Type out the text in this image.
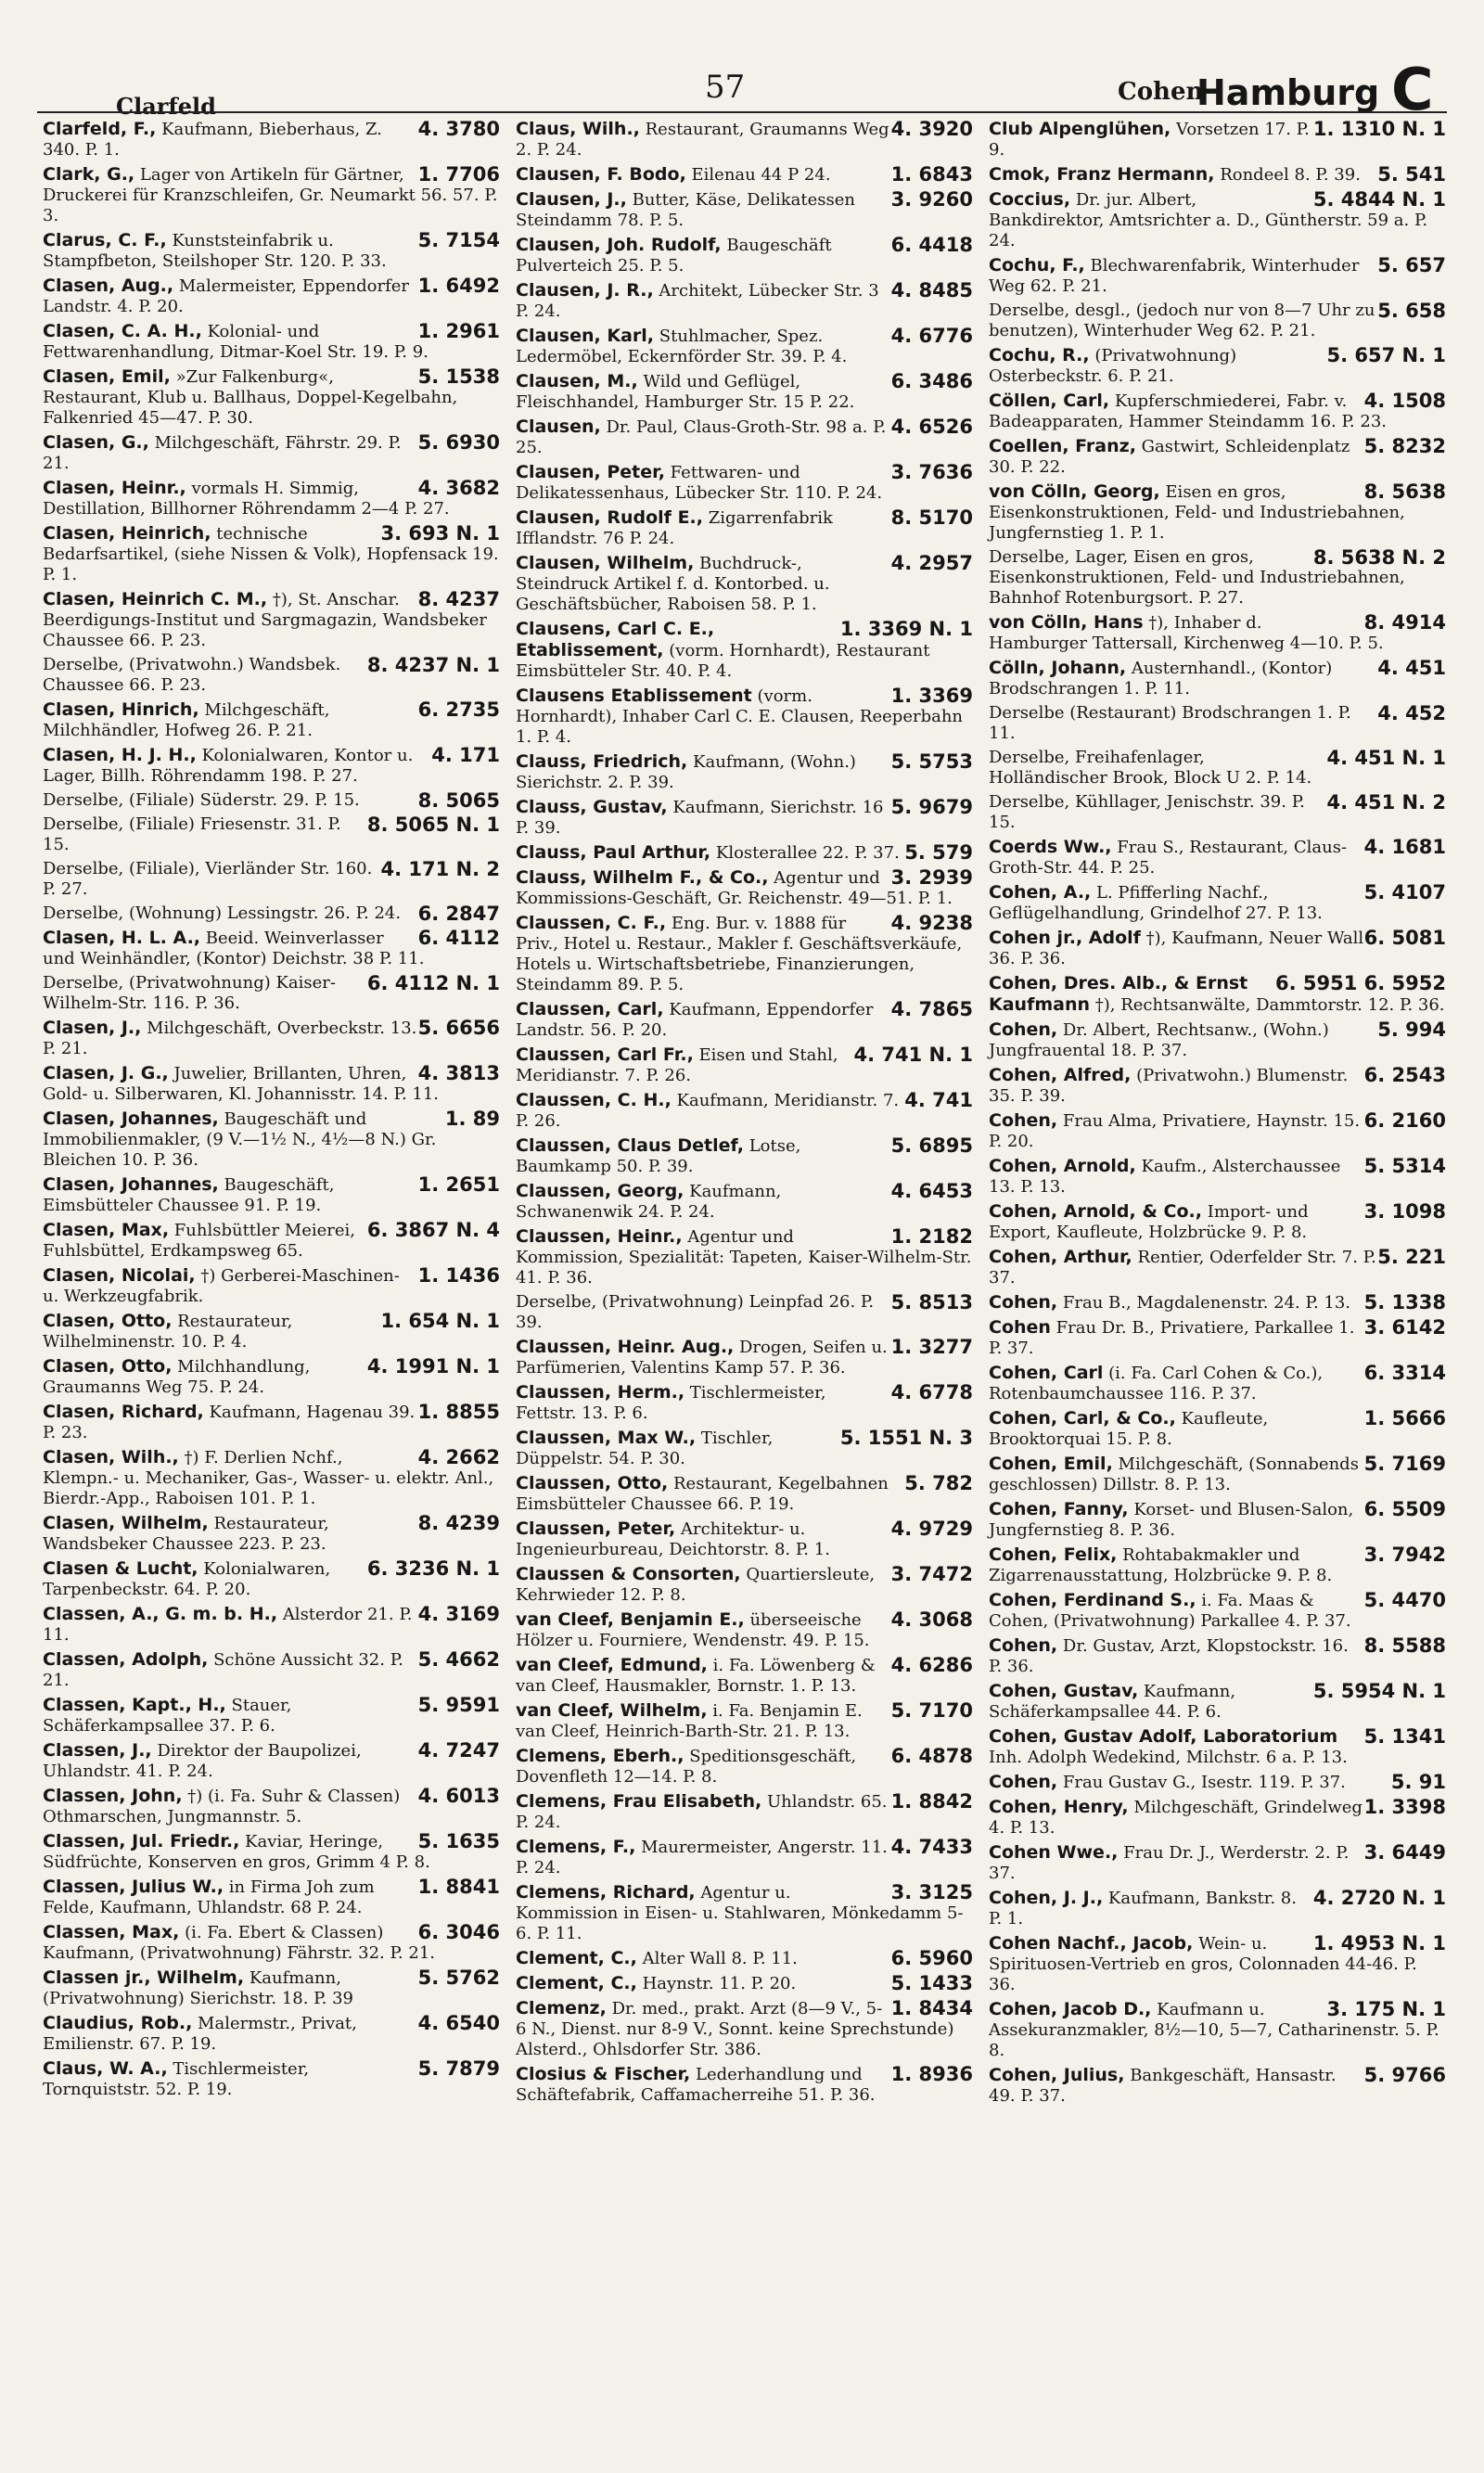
Clarfeld
57	Cohen
Hamburg C
4. 3780
Clarfeld, F., Kaufmann, Bieberhaus, Z. 340. P. 1.
1. 7706
Clark, G., Lager von Artikeln für Gärtner, Druckerei für Kranzschleifen, Gr. Neumarkt 56. 57. P. 3.
5. 7154
Clarus, C. F., Kunststeinfabrik u. Stampfbeton, Steilshoper Str. 120. P. 33.
1. 6492
Clasen, Aug., Malermeister, Eppendorfer Landstr. 4. P. 20.
1. 2961
Clasen, C. A. H., Kolonial- und Fettwarenhandlung, Ditmar-Koel Str. 19. P. 9.
5. 1538
Clasen, Emil, »Zur Falkenburg«, Restaurant, Klub u. Ballhaus, Doppel-Kegelbahn, Falkenried 45—47. P. 30.
5. 6930
Clasen, G., Milchgeschäft, Fährstr. 29. P. 21.
4. 3682
Clasen, Heinr., vormals H. Simmig, Destillation, Billhorner Röhrendamm 2—4 P. 27.
3. 693 N. 1
Clasen, Heinrich, technische Bedarfsartikel, (siehe Nissen & Volk), Hopfensack 19. P. 1.
8. 4237
Clasen, Heinrich C. M., †), St. Anschar. Beerdigungs-Institut und Sargmagazin, Wandsbeker Chaussee 66. P. 23.
8. 4237 N. 1
Derselbe, (Privatwohn.) Wandsbek. Chaussee 66. P. 23.
6. 2735
Clasen, Hinrich, Milchgeschäft, Milchhändler, Hofweg 26. P. 21.
4. 171
Clasen, H. J. H., Kolonialwaren, Kontor u. Lager, Billh. Röhrendamm 198. P. 27.
8. 5065
Derselbe, (Filiale) Süderstr. 29. P. 15.
8. 5065 N. 1
Derselbe, (Filiale) Friesenstr. 31. P. 15.
4. 171 N. 2
Derselbe, (Filiale), Vierländer Str. 160. P. 27.
6. 2847
Derselbe, (Wohnung) Lessingstr. 26. P. 24.
6. 4112
Clasen, H. L. A., Beeid. Weinverlasser und Weinhändler, (Kontor) Deichstr. 38 P. 11.
6. 4112 N. 1
Derselbe, (Privatwohnung) Kaiser-Wilhelm-Str. 116. P. 36.
5. 6656
Clasen, J., Milchgeschäft, Overbeckstr. 13. P. 21.
4. 3813
Clasen, J. G., Juwelier, Brillanten, Uhren, Gold- u. Silberwaren, Kl. Johannisstr. 14. P. 11.
1. 89
Clasen, Johannes, Baugeschäft und Immobilienmakler, (9 V.—1½ N., 4½—8 N.) Gr. Bleichen 10. P. 36.
1. 2651
Clasen, Johannes, Baugeschäft, Eimsbütteler Chaussee 91. P. 19.
6. 3867 N. 4
Clasen, Max, Fuhlsbüttler Meierei, Fuhlsbüttel, Erdkampsweg 65.
1. 1436
Clasen, Nicolai, †) Gerberei-Maschinen- u. Werkzeugfabrik.
1. 654 N. 1
Clasen, Otto, Restaurateur, Wilhelminenstr. 10. P. 4.
4. 1991 N. 1
Clasen, Otto, Milchhandlung, Graumanns Weg 75. P. 24.
1. 8855
Clasen, Richard, Kaufmann, Hagenau 39. P. 23.
4. 2662
Clasen, Wilh., †) F. Derlien Nchf., Klempn.- u. Mechaniker, Gas-, Wasser- u. elektr. Anl., Bierdr.-App., Raboisen 101. P. 1.
8. 4239
Clasen, Wilhelm, Restaurateur, Wandsbeker Chaussee 223. P. 23.
6. 3236 N. 1
Clasen & Lucht, Kolonialwaren, Tarpenbeckstr. 64. P. 20.
4. 3169
Classen, A., G. m. b. H., Alsterdor 21. P. 11.
5. 4662
Classen, Adolph, Schöne Aussicht 32. P. 21.
5. 9591
Classen, Kapt., H., Stauer, Schäferkampsallee 37. P. 6.
4. 7247
Classen, J., Direktor der Baupolizei, Uhlandstr. 41. P. 24.
4. 6013
Classen, John, †) (i. Fa. Suhr & Classen) Othmarschen, Jungmannstr. 5.
5. 1635
Classen, Jul. Friedr., Kaviar, Heringe, Südfrüchte, Konserven en gros, Grimm 4 P. 8.
1. 8841
Classen, Julius W., in Firma Joh zum Felde, Kaufmann, Uhlandstr. 68 P. 24.
6. 3046
Classen, Max, (i. Fa. Ebert & Classen) Kaufmann, (Privatwohnung) Fährstr. 32. P. 21.
5. 5762
Classen jr., Wilhelm, Kaufmann, (Privatwohnung) Sierichstr. 18. P. 39
4. 6540
Claudius, Rob., Malermstr., Privat, Emilienstr. 67. P. 19.
5. 7879
Claus, W. A., Tischlermeister, Tornquiststr. 52. P. 19.
4. 3920
Claus, Wilh., Restaurant, Graumanns Weg 2. P. 24.
1. 6843
Clausen, F. Bodo, Eilenau 44 P 24.
3. 9260
Clausen, J., Butter, Käse, Delikatessen Steindamm 78. P. 5.
6. 4418
Clausen, Joh. Rudolf, Baugeschäft Pulverteich 25. P. 5.
4. 8485
Clausen, J. R., Architekt, Lübecker Str. 3 P. 24.
4. 6776
Clausen, Karl, Stuhlmacher, Spez. Ledermöbel, Eckernförder Str. 39. P. 4.
6. 3486
Clausen, M., Wild und Geflügel, Fleischhandel, Hamburger Str. 15 P. 22.
4. 6526
Clausen, Dr. Paul, Claus-Groth-Str. 98 a. P. 25.
3. 7636
Clausen, Peter, Fettwaren- und Delikatessenhaus, Lübecker Str. 110. P. 24.
8. 5170
Clausen, Rudolf E., Zigarrenfabrik Ifflandstr. 76 P. 24.
4. 2957
Clausen, Wilhelm, Buchdruck-, Steindruck Artikel f. d. Kontorbed. u. Geschäftsbücher, Raboisen 58. P. 1.
1. 3369 N. 1
Clausens, Carl C. E., Etablissement, (vorm. Hornhardt), Restaurant Eimsbütteler Str. 40. P. 4.
1. 3369
Clausens Etablissement (vorm. Hornhardt), Inhaber Carl C. E. Clausen, Reeperbahn 1. P. 4.
5. 5753
Clauss, Friedrich, Kaufmann, (Wohn.) Sierichstr. 2. P. 39.
5. 9679
Clauss, Gustav, Kaufmann, Sierichstr. 16 P. 39.
5. 579
Clauss, Paul Arthur, Klosterallee 22. P. 37.
3. 2939
Clauss, Wilhelm F., & Co., Agentur und Kommissions-Geschäft, Gr. Reichenstr. 49—51. P. 1.
4. 9238
Claussen, C. F., Eng. Bur. v. 1888 für Priv., Hotel u. Restaur., Makler f. Geschäftsverkäufe, Hotels u. Wirtschaftsbetriebe, Finanzierungen, Steindamm 89. P. 5.
4. 7865
Claussen, Carl, Kaufmann, Eppendorfer Landstr. 56. P. 20.
4. 741 N. 1
Claussen, Carl Fr., Eisen und Stahl, Meridianstr. 7. P. 26.
4. 741
Claussen, C. H., Kaufmann, Meridianstr. 7. P. 26.
5. 6895
Claussen, Claus Detlef, Lotse, Baumkamp 50. P. 39.
4. 6453
Claussen, Georg, Kaufmann, Schwanenwik 24. P. 24.
1. 2182
Claussen, Heinr., Agentur und Kommission, Spezialität: Tapeten, Kaiser-Wilhelm-Str. 41. P. 36.
5. 8513
Derselbe, (Privatwohnung) Leinpfad 26. P. 39.
1. 3277
Claussen, Heinr. Aug., Drogen, Seifen u. Parfümerien, Valentins Kamp 57. P. 36.
4. 6778
Claussen, Herm., Tischlermeister, Fettstr. 13. P. 6.
5. 1551 N. 3
Claussen, Max W., Tischler, Düppelstr. 54. P. 30.
5. 782
Claussen, Otto, Restaurant, Kegelbahnen Eimsbütteler Chaussee 66. P. 19.
4. 9729
Claussen, Peter, Architektur- u. Ingenieurbureau, Deichtorstr. 8. P. 1.
3. 7472
Claussen & Consorten, Quartiersleute, Kehrwieder 12. P. 8.
4. 3068
van Cleef, Benjamin E., überseeische Hölzer u. Fourniere, Wendenstr. 49. P. 15.
4. 6286
van Cleef, Edmund, i. Fa. Löwenberg & van Cleef, Hausmakler, Bornstr. 1. P. 13.
5. 7170
van Cleef, Wilhelm, i. Fa. Benjamin E. van Cleef, Heinrich-Barth-Str. 21. P. 13.
6. 4878
Clemens, Eberh., Speditionsgeschäft, Dovenfleth 12—14. P. 8.
1. 8842
Clemens, Frau Elisabeth, Uhlandstr. 65. P. 24.
4. 7433
Clemens, F., Maurermeister, Angerstr. 11. P. 24.
3. 3125
Clemens, Richard, Agentur u. Kommission in Eisen- u. Stahlwaren, Mönkedamm 5-6. P. 11.
6. 5960
Clement, C., Alter Wall 8. P. 11.
5. 1433
Clement, C., Haynstr. 11. P. 20.
1. 8434
Clemenz, Dr. med., prakt. Arzt (8—9 V., 5-6 N., Dienst. nur 8-9 V., Sonnt. keine Sprechstunde) Alsterd., Ohlsdorfer Str. 386.
1. 8936
Closius & Fischer, Lederhandlung und Schäftefabrik, Caffamacherreihe 51. P. 36.
1. 1310 N. 1
Club Alpenglühen, Vorsetzen 17. P. 9.
5. 541
Cmok, Franz Hermann, Rondeel 8. P. 39.
5. 4844 N. 1
Coccius, Dr. jur. Albert, Bankdirektor, Amtsrichter a. D., Güntherstr. 59 a. P. 24.
5. 657
Cochu, F., Blechwarenfabrik, Winterhuder Weg 62. P. 21.
5. 658
Derselbe, desgl., (jedoch nur von 8—7 Uhr zu benutzen), Winterhuder Weg 62. P. 21.
5. 657 N. 1
Cochu, R., (Privatwohnung) Osterbeckstr. 6. P. 21.
4. 1508
Cöllen, Carl, Kupferschmiederei, Fabr. v. Badeapparaten, Hammer Steindamm 16. P. 23.
5. 8232
Coellen, Franz, Gastwirt, Schleidenplatz 30. P. 22.
8. 5638
von Cölln, Georg, Eisen en gros, Eisenkonstruktionen, Feld- und Industriebahnen, Jungfernstieg 1. P. 1.
8. 5638 N. 2
Derselbe, Lager, Eisen en gros, Eisenkonstruktionen, Feld- und Industriebahnen, Bahnhof Rotenburgsort. P. 27.
8. 4914
von Cölln, Hans †), Inhaber d. Hamburger Tattersall, Kirchenweg 4—10. P. 5.
4. 451
Cölln, Johann, Austernhandl., (Kontor) Brodschrangen 1. P. 11.
4. 452
Derselbe (Restaurant) Brodschrangen 1. P. 11.
4. 451 N. 1
Derselbe, Freihafenlager, Holländischer Brook, Block U 2. P. 14.
4. 451 N. 2
Derselbe, Kühllager, Jenischstr. 39. P. 15.
4. 1681
Coerds Ww., Frau S., Restaurant, Claus-Groth-Str. 44. P. 25.
5. 4107
Cohen, A., L. Pfifferling Nachf., Geflügelhandlung, Grindelhof 27. P. 13.
6. 5081
Cohen jr., Adolf †), Kaufmann, Neuer Wall 36. P. 36.
6. 5951 6. 5952
Cohen, Dres. Alb., & Ernst Kaufmann †), Rechtsanwälte, Dammtorstr. 12. P. 36.
5. 994
Cohen, Dr. Albert, Rechtsanw., (Wohn.) Jungfrauental 18. P. 37.
6. 2543
Cohen, Alfred, (Privatwohn.) Blumenstr. 35. P. 39.
6. 2160
Cohen, Frau Alma, Privatiere, Haynstr. 15. P. 20.
5. 5314
Cohen, Arnold, Kaufm., Alsterchaussee 13. P. 13.
3. 1098
Cohen, Arnold, & Co., Import- und Export, Kaufleute, Holzbrücke 9. P. 8.
5. 221
Cohen, Arthur, Rentier, Oderfelder Str. 7. P. 37.
5. 1338
Cohen, Frau B., Magdalenenstr. 24. P. 13.
3. 6142
Cohen Frau Dr. B., Privatiere, Parkallee 1. P. 37.
6. 3314
Cohen, Carl (i. Fa. Carl Cohen & Co.), Rotenbaumchaussee 116. P. 37.
1. 5666
Cohen, Carl, & Co., Kaufleute, Brooktorquai 15. P. 8.
5. 7169
Cohen, Emil, Milchgeschäft, (Sonnabends geschlossen) Dillstr. 8. P. 13.
6. 5509
Cohen, Fanny, Korset- und Blusen-Salon, Jungfernstieg 8. P. 36.
3. 7942
Cohen, Felix, Rohtabakmakler und Zigarrenausstattung, Holzbrücke 9. P. 8.
5. 4470
Cohen, Ferdinand S., i. Fa. Maas & Cohen, (Privatwohnung) Parkallee 4. P. 37.
8. 5588
Cohen, Dr. Gustav, Arzt, Klopstockstr. 16. P. 36.
5. 5954 N. 1
Cohen, Gustav, Kaufmann, Schäferkampsallee 44. P. 6.
5. 1341
Cohen, Gustav Adolf, Laboratorium Inh. Adolph Wedekind, Milchstr. 6 a. P. 13.
5. 91
Cohen, Frau Gustav G., Isestr. 119. P. 37.
1. 3398
Cohen, Henry, Milchgeschäft, Grindelweg 4. P. 13.
3. 6449
Cohen Wwe., Frau Dr. J., Werderstr. 2. P. 37.
4. 2720 N. 1
Cohen, J. J., Kaufmann, Bankstr. 8. P. 1.
1. 4953 N. 1
Cohen Nachf., Jacob, Wein- u. Spirituosen-Vertrieb en gros, Colonnaden 44-46. P. 36.
3. 175 N. 1
Cohen, Jacob D., Kaufmann u. Assekuranzmakler, 8½—10, 5—7, Catharinenstr. 5. P. 8.
5. 9766
Cohen, Julius, Bankgeschäft, Hansastr. 49. P. 37.
